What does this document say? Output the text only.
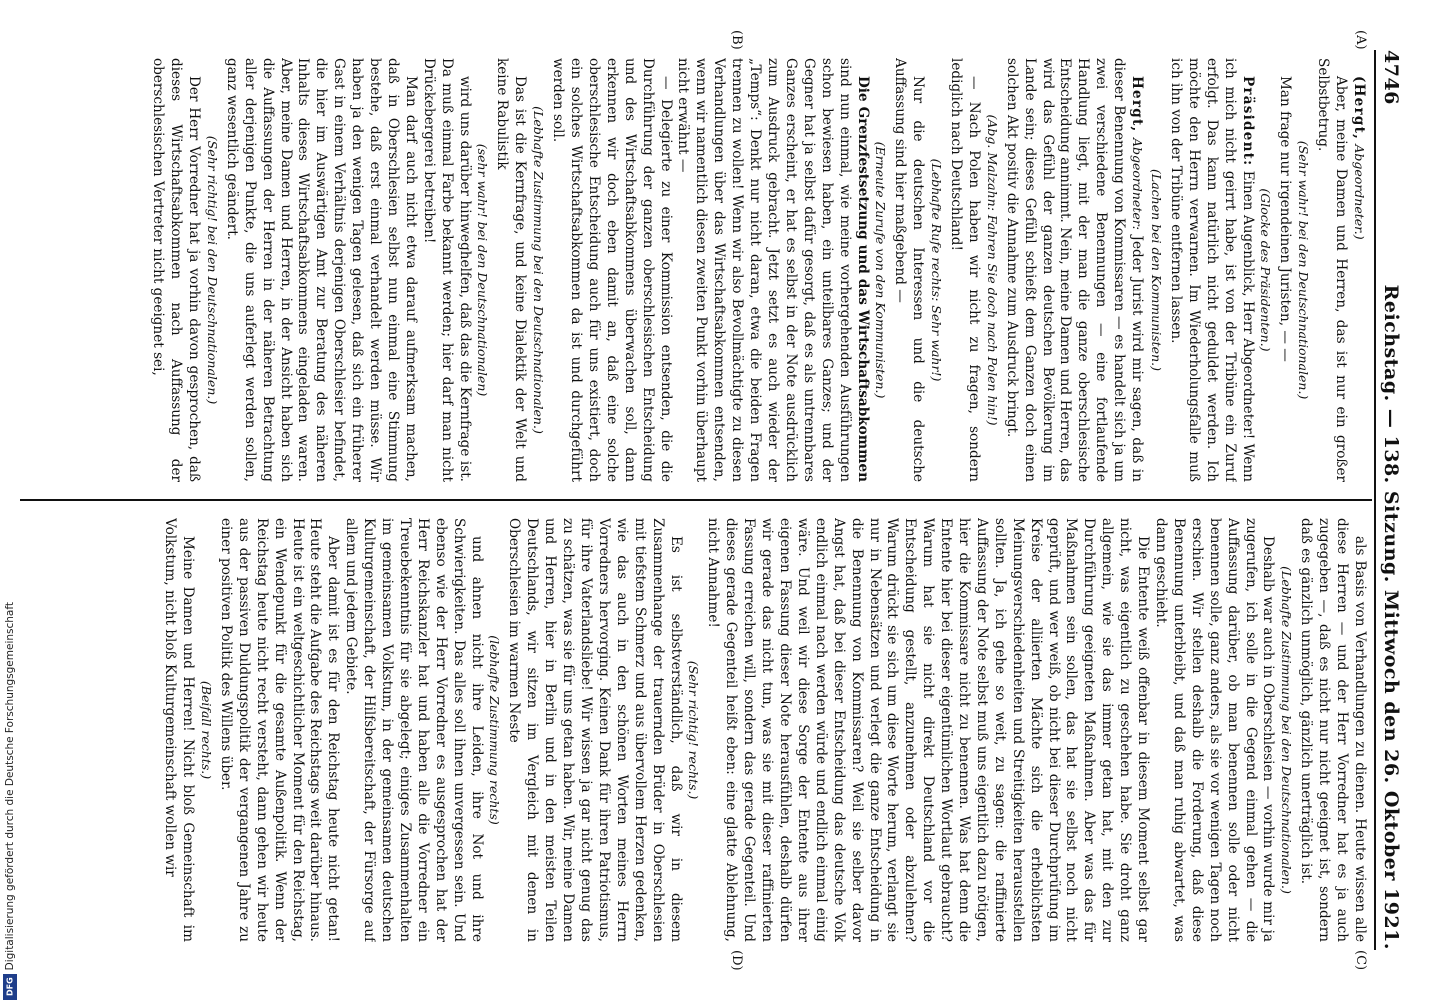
4746
Reichstag. — 138. Sitzung. Mittwoch den 26. Oktober 1921.
(A)
(B)
(C)
(D)

(Hergt, Abgeordneter.)

Aber, meine Damen und Herren, das ist nur ein großer Selbstbetrug.

(Sehr wahr! bei den Deutschnationalen.)

Man frage nur irgendeinen Juristen, — —

(Glocke des Präsidenten.)

Präsident: Einen Augenblick, Herr Abgeordneter! Wenn ich mich nicht geirrt habe, ist von der Tribüne ein Zuruf erfolgt. Das kann natürlich nicht geduldet werden. Ich möchte den Herrn verwarnen. Im Wiederholungsfalle muß ich ihn von der Tribüne entfernen lassen.

(Lachen bei den Kommunisten.)

Hergt, Abgeordneter: Jeder Jurist wird mir sagen, daß in dieser Benennung von Kommissaren — es handelt sich ja um zwei verschiedene Benennungen — eine fortlaufende Handlung liegt, mit der man die ganze oberschlesische Entscheidung annimmt. Nein, meine Damen und Herren, das wird das Gefühl der ganzen deutschen Bevölkerung im Lande sein; dieses Gefühl schießt dem Ganzen doch einen solchen Akt positiv die Annahme zum Ausdruck bringt.

(Abg. Malzahn: Fahren Sie doch nach Polen hin!)

— Nach Polen haben wir nicht zu fragen, sondern lediglich nach Deutschland!

(Lebhafte Rufe rechts: Sehr wahr!)

Nur die deutschen Interessen und die deutsche Auffassung sind hier maßgebend —

(Erneute Zurufe von den Kommunisten.)

Die Grenzfestsetzung und das Wirtschaftsabkommen sind nun einmal, wie meine vorhergehenden Ausführungen schon bewiesen haben, ein unteilbares Ganzes; und der Gegner hat ja selbst dafür gesorgt, daß es als untrennbares Ganzes erscheint, er hat es selbst in der Note ausdrücklich zum Ausdruck gebracht. Jetzt setzt es auch wieder der „Temps“: Denkt nur nicht daran, etwa die beiden Fragen trennen zu wollen! Wenn wir also Bevollmächtigte zu diesen Verhandlungen über das Wirtschaftsabkommen entsenden, wenn wir namentlich diesen zweiten Punkt vorhin überhaupt nicht erwähnt —

— Delegierte zu einer Kommission entsenden, die die Durchführung der ganzen oberschlesischen Entscheidung und des Wirtschaftsabkommens überwachen soll, dann erkennen wir doch eben damit an, daß eine solche oberschlesische Entscheidung auch für uns existiert, doch ein solches Wirtschaftsabkommen da ist und durchgeführt werden soll.

(Lebhafte Zustimmung bei den Deutschnationalen.)

Das ist die Kernfrage, und keine Dialektik der Welt und keine Rabulistik

(sehr wahr! bei den Deutschnationalen)

wird uns darüber hinweghelfen, daß das die Kernfrage ist. Da muß einmal Farbe bekannt werden; hier darf man nicht Drückebergerei betreiben!

Man darf auch nicht etwa darauf aufmerksam machen, daß in Oberschlesien selbst nun einmal eine Stimmung bestehe, daß erst einmal verhandelt werden müsse. Wir haben ja den wenigen Tagen gelesen, daß sich ein früherer Gast in einem Verhältnis derjenigen Oberschlesier befindet, die hier im Auswärtigen Amt zur Beratung des näheren Inhalts dieses Wirtschaftsabkommens eingeladen waren. Aber, meine Damen und Herren, in der Ansicht haben sich die Auffassungen der Herren in der näheren Betrachtung aller derjenigen Punkte, die uns auferlegt werden sollen, ganz wesentlich geändert.

(Sehr richtig! bei den Deutschnationalen.)

Der Herr Vorredner hat ja vorhin davon gesprochen, daß dieses Wirtschaftsabkommen nach Auffassung der oberschlesischen Vertreter nicht geeignet sei,

als Basis von Verhandlungen zu dienen. Heute wissen alle diese Herren — und der Herr Vorredner hat es ja auch zugegeben —, daß es nicht nur nicht geeignet ist, sondern daß es gänzlich unmöglich, gänzlich unerträglich ist.

(Lebhafte Zustimmung bei den Deutschnationalen.)

Deshalb war auch in Oberschlesien — vorhin wurde mir ja zugerufen, ich solle in die Gegend einmal gehen — die Auffassung darüber, ob man benennen solle oder nicht benennen solle, ganz anders, als sie vor wenigen Tagen noch erschien. Wir stellen deshalb die Forderung, daß diese Benennung unterbleibt, und daß man ruhig abwartet, was dann geschieht.

Die Entente weiß offenbar in diesem Moment selbst gar nicht, was eigentlich zu geschehen habe. Sie droht ganz allgemein, wie sie das immer getan hat, mit den zur Durchführung geeigneten Maßnahmen. Aber was das für Maßnahmen sein sollen, das hat sie selbst noch nicht geprüft, und wer weiß, ob nicht bei dieser Durchprüfung im Kreise der alliierten Mächte sich die erheblichsten Meinungsverschiedenheiten und Streitigkeiten herausstellen sollten. Ja, ich gehe so weit, zu sagen: die raffinierte Auffassung der Note selbst muß uns eigentlich dazu nötigen, hier die Kommissare nicht zu benennen. Was hat denn die Entente hier bei dieser eigentümlichen Wortlaut gebraucht? Warum hat sie nicht direkt Deutschland vor die Entscheidung gestellt, anzunehmen oder abzulehnen? Warum drückt sie sich um diese Worte herum, verlangt sie nur in Nebensätzen und verlegt die ganze Entscheidung in die Benennung von Kommissaren? Weil sie selber davor Angst hat, daß bei dieser Entscheidung das deutsche Volk endlich einmal nach werden würde und endlich einmal einig wäre. Und weil wir diese Sorge der Entente aus ihrer eigenen Fassung dieser Note herausfühlen, deshalb dürfen wir gerade das nicht tun, was sie mit dieser raffinierten Fassung erreichen will, sondern das gerade Gegenteil. Und dieses gerade Gegenteil heißt eben: eine glatte Ablehnung, nicht Annahme!

(Sehr richtig! rechts.)

Es ist selbstverständlich, daß wir in diesem Zusammenhange der trauernden Brüder in Oberschlesien mit tiefstem Schmerz und aus übervollem Herzen gedenken, wie das auch in den schönen Worten meines Herrn Vorredners hervorging. Keinen Dank für ihren Patriotismus, für ihre Vaterlandsliebe! Wir wissen ja gar nicht genug das zu schätzen, was sie für uns getan haben. Wir, meine Damen und Herren, hier in Berlin und in den meisten Teilen Deutschlands, wir sitzen im Vergleich mit denen in Oberschlesien im warmen Neste

(lebhafte Zustimmung rechts)

und ahnen nicht ihre Leiden, ihre Not und ihre Schwierigkeiten. Das alles soll ihnen unvergessen sein. Und ebenso wie der Herr Vorredner es ausgesprochen hat der Herr Reichskanzler hat und haben alle die Vorredner ein Treuebekenntnis für sie abgelegt; einiges Zusammenhalten im gemeinsamen Volkstum, in der gemeinsamen deutschen Kulturgemeinschaft, der Hilfsbereitschaft, der Fürsorge auf allem und jedem Gebiete.

Aber damit ist es für den Reichstag heute nicht getan! Heute steht die Aufgabe des Reichstags weit darüber hinaus. Heute ist ein weltgeschichtlicher Moment für den Reichstag, ein Wendepunkt für die gesamte Außenpolitik. Wenn der Reichstag heute nicht recht versteht, dann gehen wir heute aus der passiven Duldungspolitik der vergangenen Jahre zu einer positiven Politik des Willens über.

(Beifall rechts.)

Meine Damen und Herren! Nicht bloß Gemeinschaft im Volkstum, nicht bloß Kulturgemeinschaft wollen wir

Digitalisierung gefördert durch die Deutsche Forschungsgemeinschaft
DFG
